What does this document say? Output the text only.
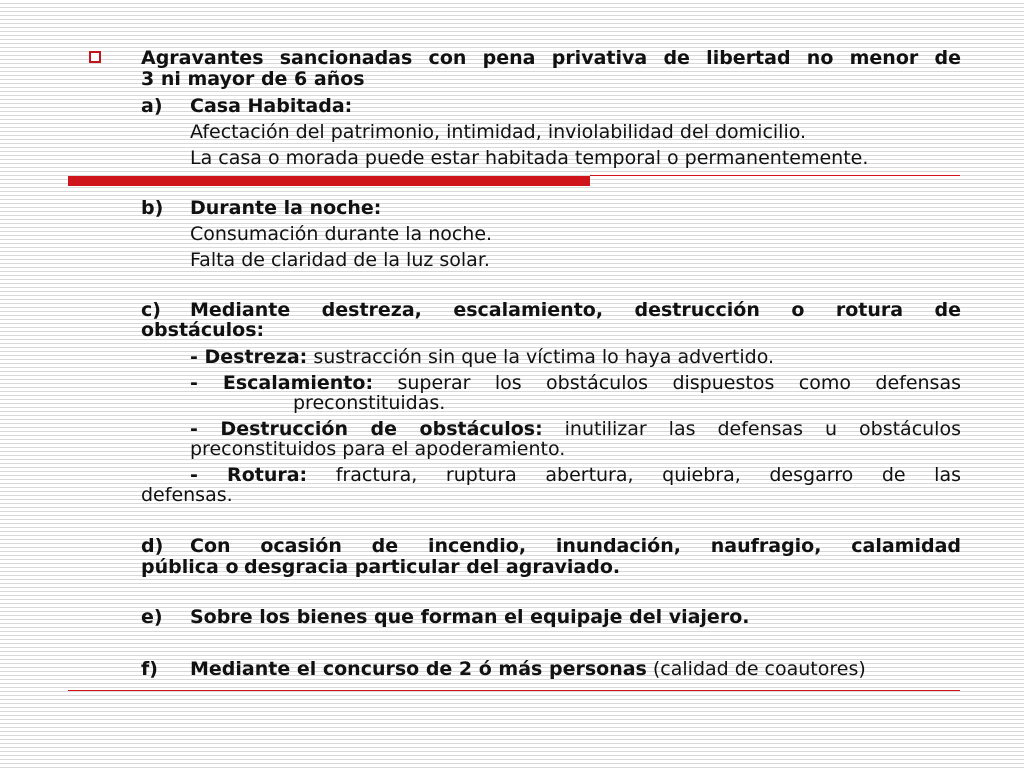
Agravantes sancionadas con pena privativa de libertad no menor de
3 ni mayor de 6 años
a) Casa Habitada:
Afectación del patrimonio, intimidad, inviolabilidad del domicilio.
La casa o morada puede estar habitada temporal o permanentemente.
b) Durante la noche:
Consumación durante la noche.
Falta de claridad de la luz solar.
c) Mediante destreza, escalamiento, destrucción o rotura de
obstáculos:
- Destreza: sustracción sin que la víctima lo haya advertido.
- Escalamiento: superar los obstáculos dispuestos como defensas
preconstituidas.
- Destrucción de obstáculos: inutilizar las defensas u obstáculos
preconstituidos para el apoderamiento.
- Rotura: fractura, ruptura abertura, quiebra, desgarro de las
defensas.
d) Con ocasión de incendio, inundación, naufragio, calamidad
pública o desgracia particular del agraviado.
e) Sobre los bienes que forman el equipaje del viajero.
f) Mediante el concurso de 2 ó más personas (calidad de coautores)
